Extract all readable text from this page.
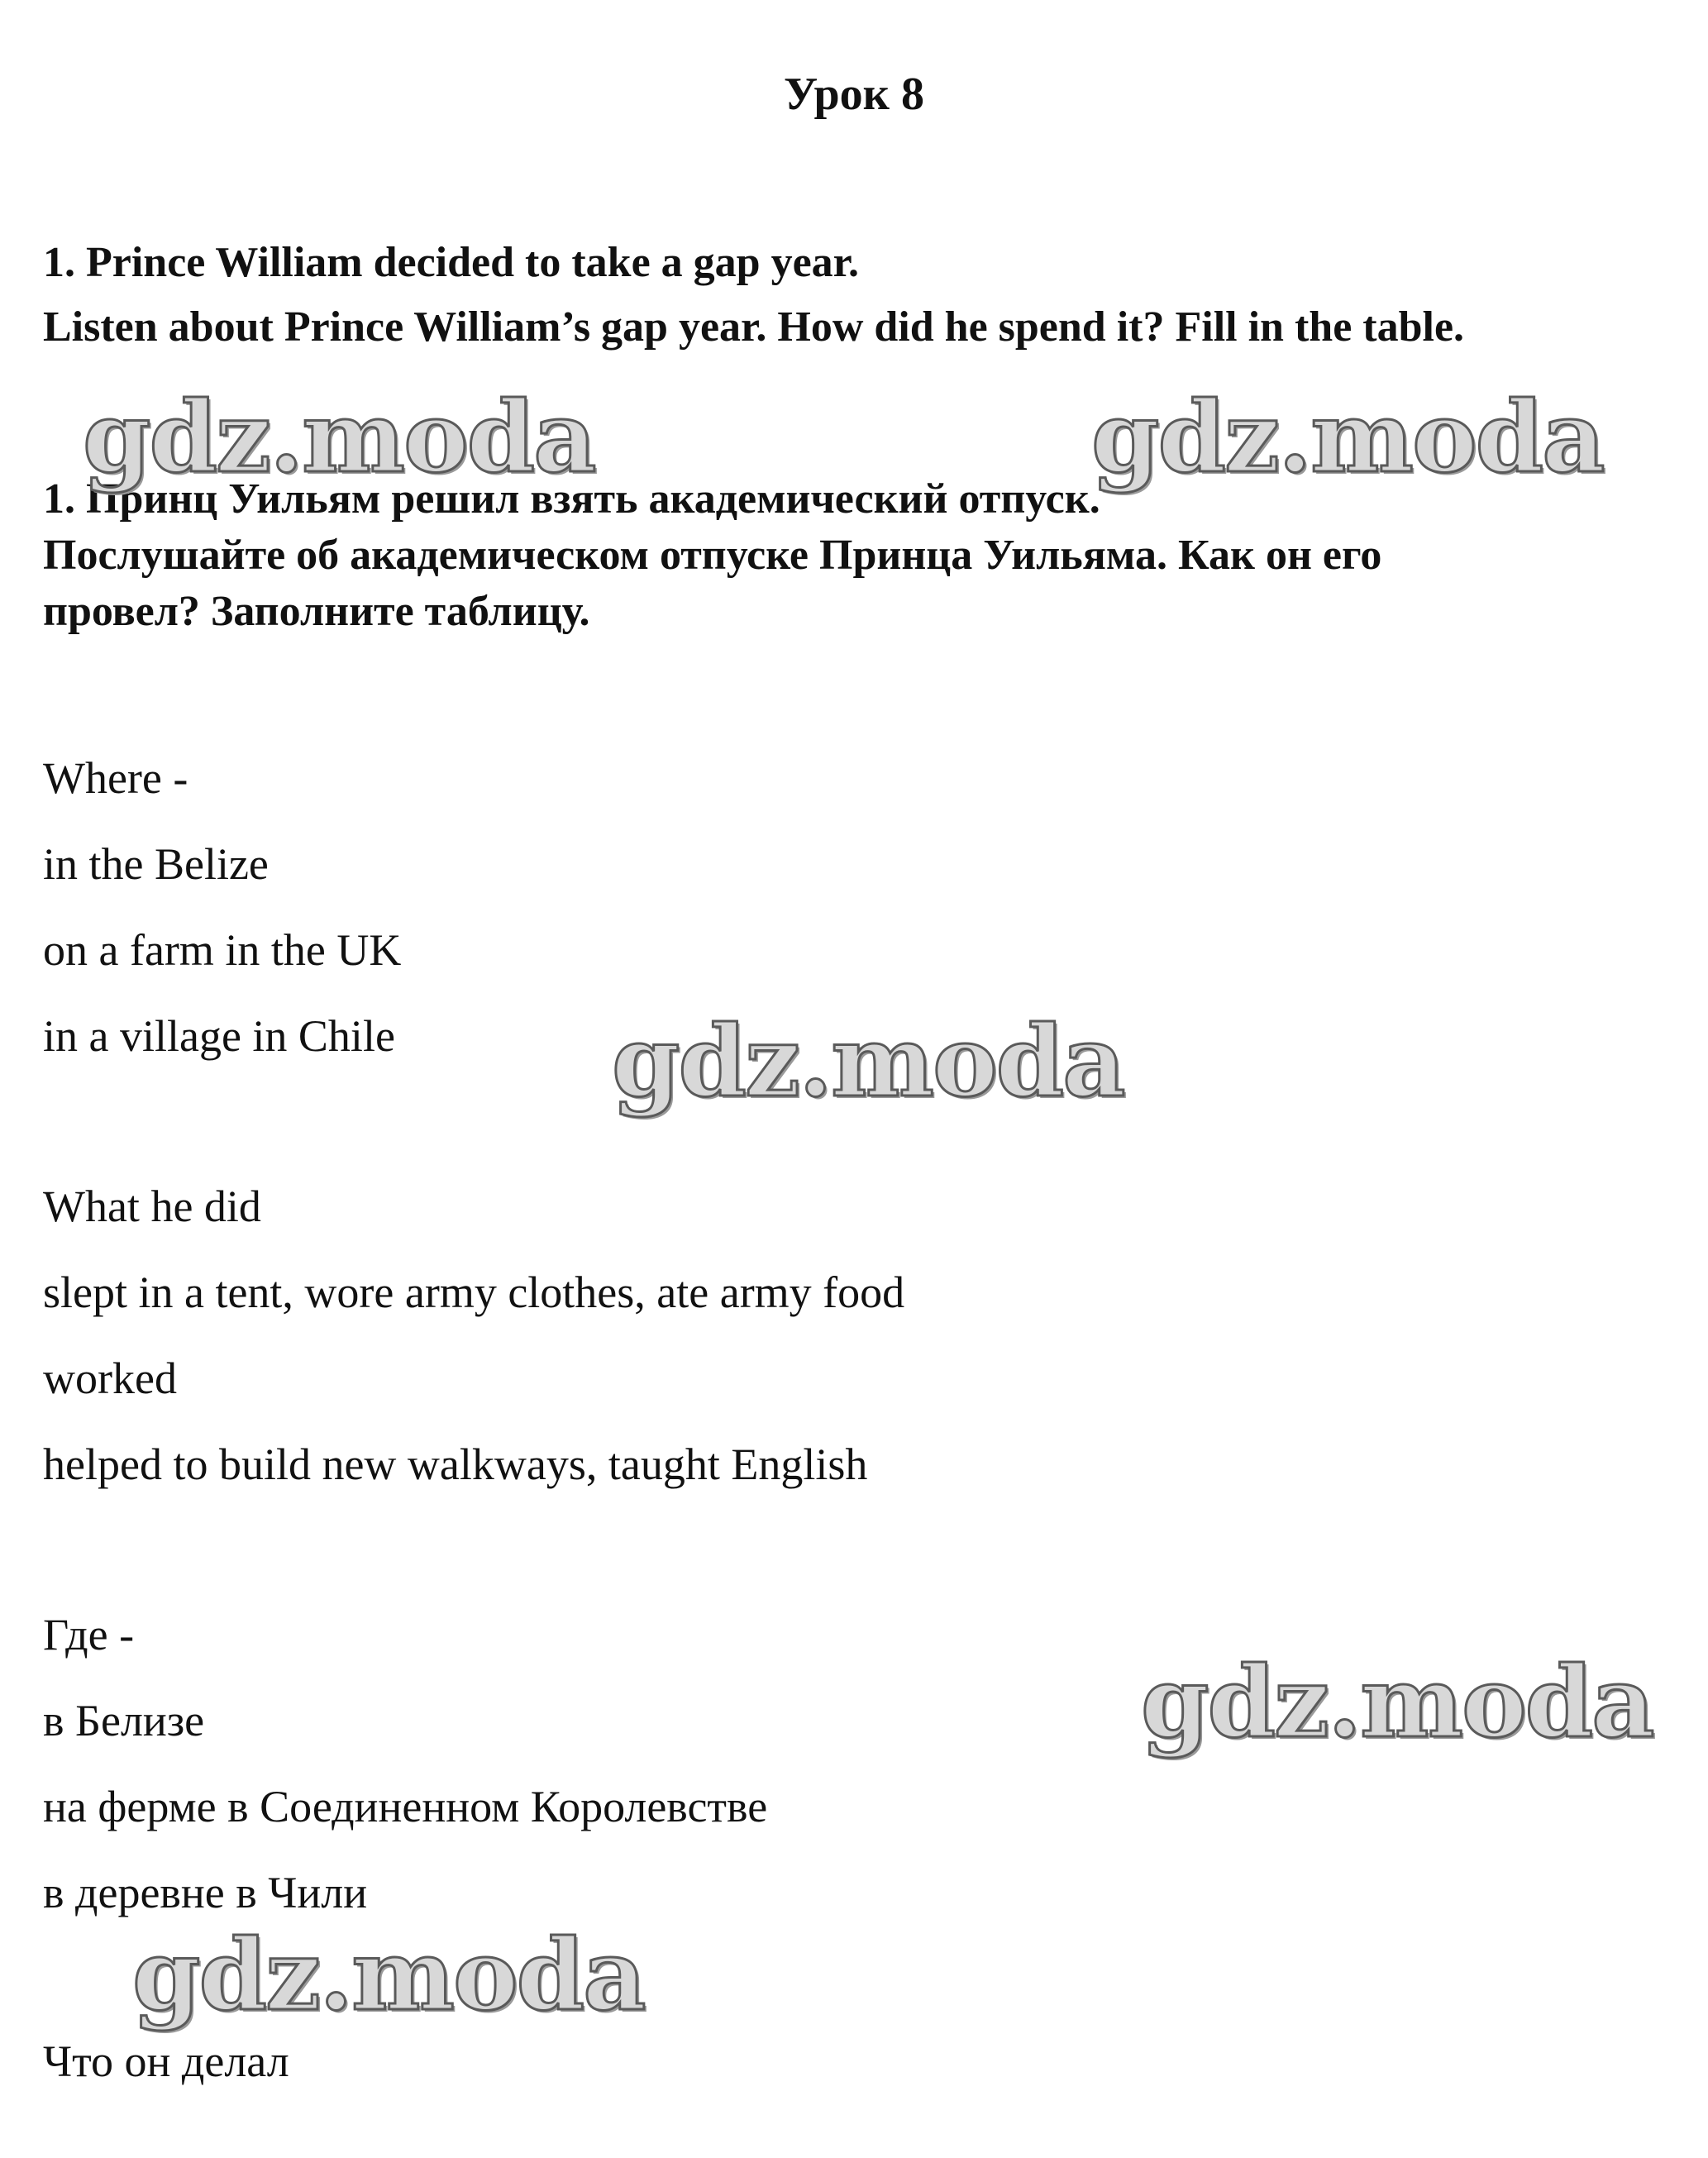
Урок 8
1. Prince William decided to take a gap year.
Listen about Prince William’s gap year. How did he spend it? Fill in the table.
1. Принц Уильям решил взять академический отпуск.
Послушайте об академическом отпуске Принца Уильяма. Как он его
провел? Заполните таблицу.
Where -
in the Belize
on a farm in the UK
in a village in Chile
What he did
slept in a tent, wore army clothes, ate army food
worked
helped to build new walkways, taught English
Где -
в Белизе
на ферме в Соединенном Королевстве
в деревне в Чили
Что он делал
gdz.moda	gdz.moda
gdz.moda
gdz.moda
gdz.moda
